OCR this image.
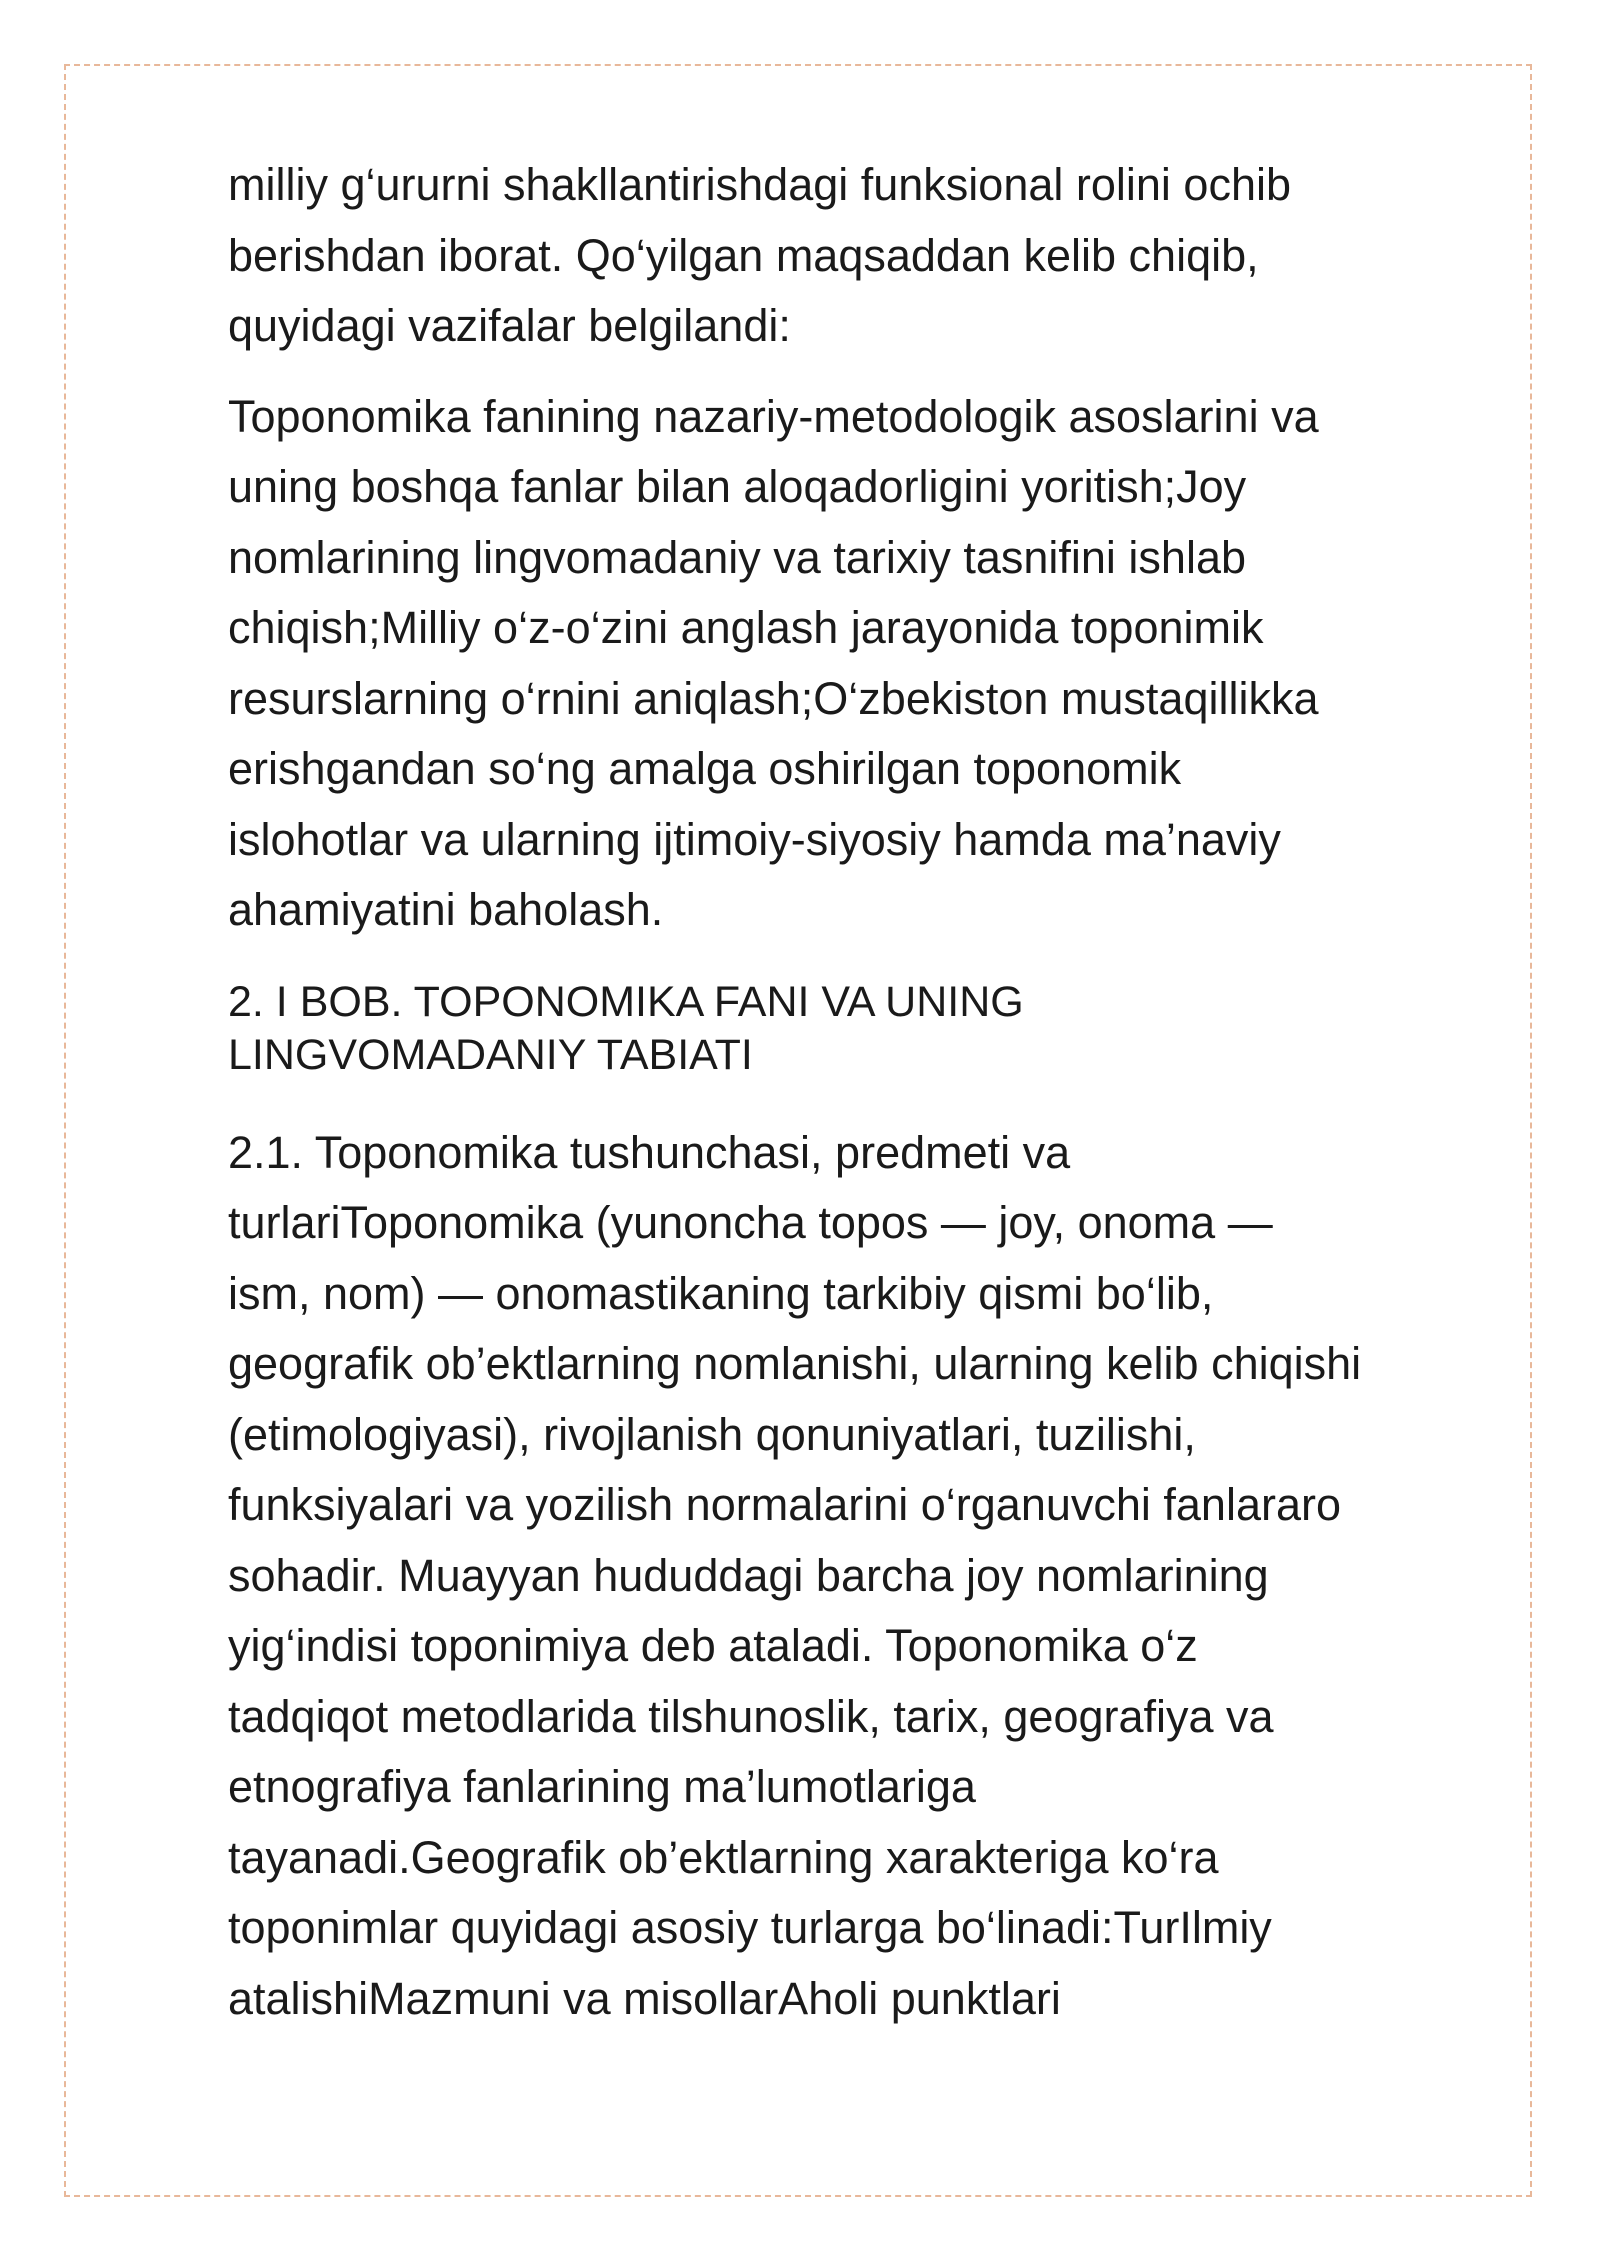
milliy g‘ururni shakllantirishdagi funksional rolini ochib
berishdan iborat. Qo‘yilgan maqsaddan kelib chiqib,
quyidagi vazifalar belgilandi:
Toponomika fanining nazariy-metodologik asoslarini va
uning boshqa fanlar bilan aloqadorligini yoritish;Joy
nomlarining lingvomadaniy va tarixiy tasnifini ishlab
chiqish;Milliy o‘z-o‘zini anglash jarayonida toponimik
resurslarning o‘rnini aniqlash;O‘zbekiston mustaqillikka
erishgandan so‘ng amalga oshirilgan toponomik
islohotlar va ularning ijtimoiy-siyosiy hamda ma’naviy
ahamiyatini baholash.
2. I BOB. TOPONOMIKA FANI VA UNING
LINGVOMADANIY TABIATI
2.1. Toponomika tushunchasi, predmeti va
turlariToponomika (yunoncha topos — joy, onoma —
ism, nom) — onomastikaning tarkibiy qismi bo‘lib,
geografik ob’ektlarning nomlanishi, ularning kelib chiqishi
(etimologiyasi), rivojlanish qonuniyatlari, tuzilishi,
funksiyalari va yozilish normalarini o‘rganuvchi fanlararo
sohadir. Muayyan hududdagi barcha joy nomlarining
yig‘indisi toponimiya deb ataladi. Toponomika o‘z
tadqiqot metodlarida tilshunoslik, tarix, geografiya va
etnografiya fanlarining ma’lumotlariga
tayanadi.Geografik ob’ektlarning xarakteriga ko‘ra
toponimlar quyidagi asosiy turlarga bo‘linadi:TurIlmiy
atalishiMazmuni va misollarAholi punktlari
